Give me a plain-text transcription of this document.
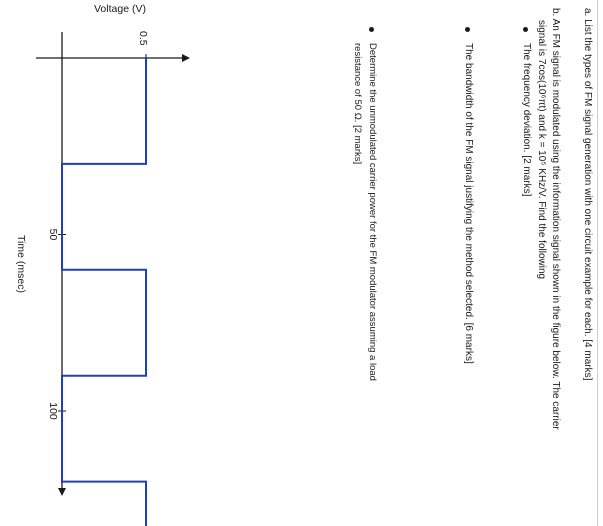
a. List the types of FM signal generation with one circuit example for each. [4 marks]
b. An FM signal is modulated using the information signal shown in the figure below. The carrier
signal is 7cos(10⁶πt) and k = 10⁵ KHz/V. Find the following
The frequency deviation. [2 marks]
The bandwidth of the FM signal justifying the method selected. [6 marks]
Determine the unmodulated carrier power for the FM modulator assuming a load
resistance of 50 Ω. [2 marks]
50
100
0.5
Time (msec)
Voltage (V)
